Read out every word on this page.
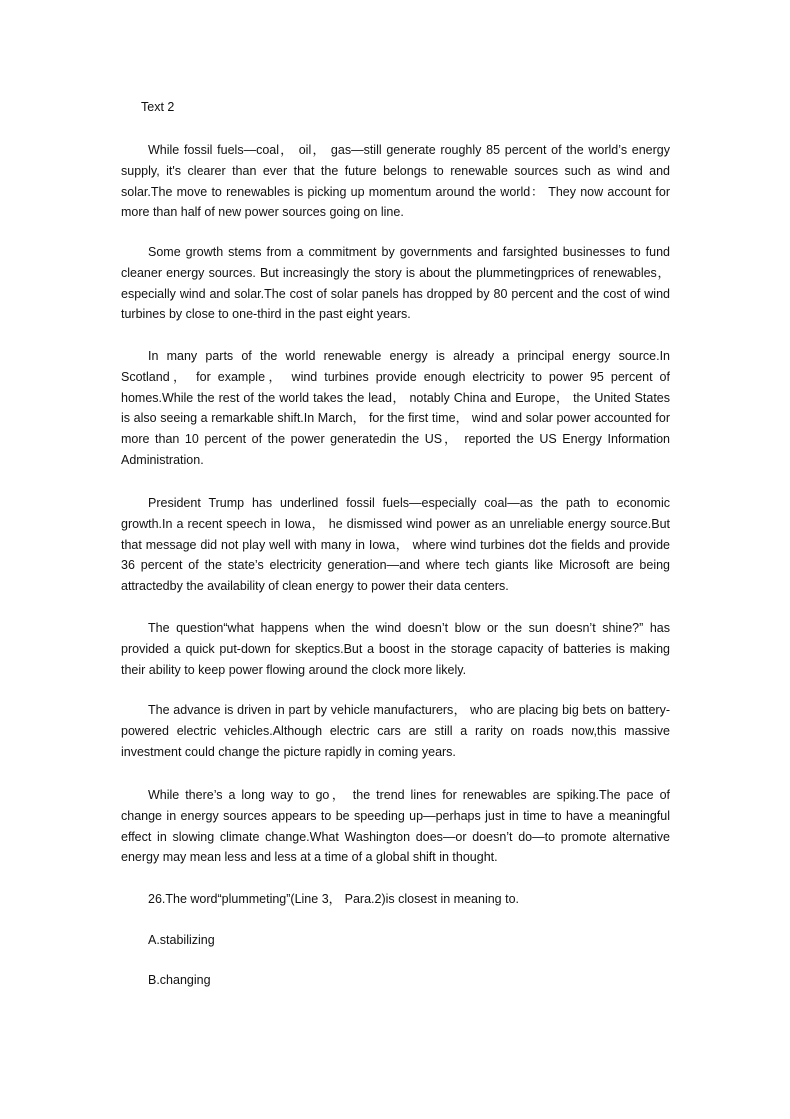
Text 2

While fossil fuels—coal， oil， gas—still generate roughly 85 percent of the world’s energy supply, it's clearer than ever that the future belongs to renewable sources such as wind and solar.The move to renewables is picking up momentum around the world： They now account for more than half of new power sources going on line.

Some growth stems from a commitment by governments and farsighted businesses to fund cleaner energy sources. But increasingly the story is about the plummetingprices of renewables， especially wind and solar.The cost of solar panels has dropped by 80 percent and the cost of wind turbines by close to one-third in the past eight years.

In many parts of the world renewable energy is already a principal energy source.In Scotland， for example， wind turbines provide enough electricity to power 95 percent of homes.While the rest of the world takes the lead， notably China and Europe， the United States is also seeing a remarkable shift.In March， for the first time， wind and solar power accounted for more than 10 percent of the power generatedin the US， reported the US Energy Information Administration.

President Trump has underlined fossil fuels—especially coal—as the path to economic growth.In a recent speech in Iowa， he dismissed wind power as an unreliable energy source.But that message did not play well with many in Iowa， where wind turbines dot the fields and provide 36 percent of the state’s electricity generation—and where tech giants like Microsoft are being attractedby the availability of clean energy to power their data centers.

The question“what happens when the wind doesn’t blow or the sun doesn’t shine?” has provided a quick put-down for skeptics.But a boost in the storage capacity of batteries is making their ability to keep power flowing around the clock more likely.

The advance is driven in part by vehicle manufacturers， who are placing big bets on battery-powered electric vehicles.Although electric cars are still a rarity on roads now,this massive investment could change the picture rapidly in coming years.

While there’s a long way to go， the trend lines for renewables are spiking.The pace of change in energy sources appears to be speeding up—perhaps just in time to have a meaningful effect in slowing climate change.What Washington does—or doesn’t do—to promote alternative energy may mean less and less at a time of a global shift in thought.

26.The word“plummeting”(Line 3， Para.2)is closest in meaning to.
A.stabilizing
B.changing
